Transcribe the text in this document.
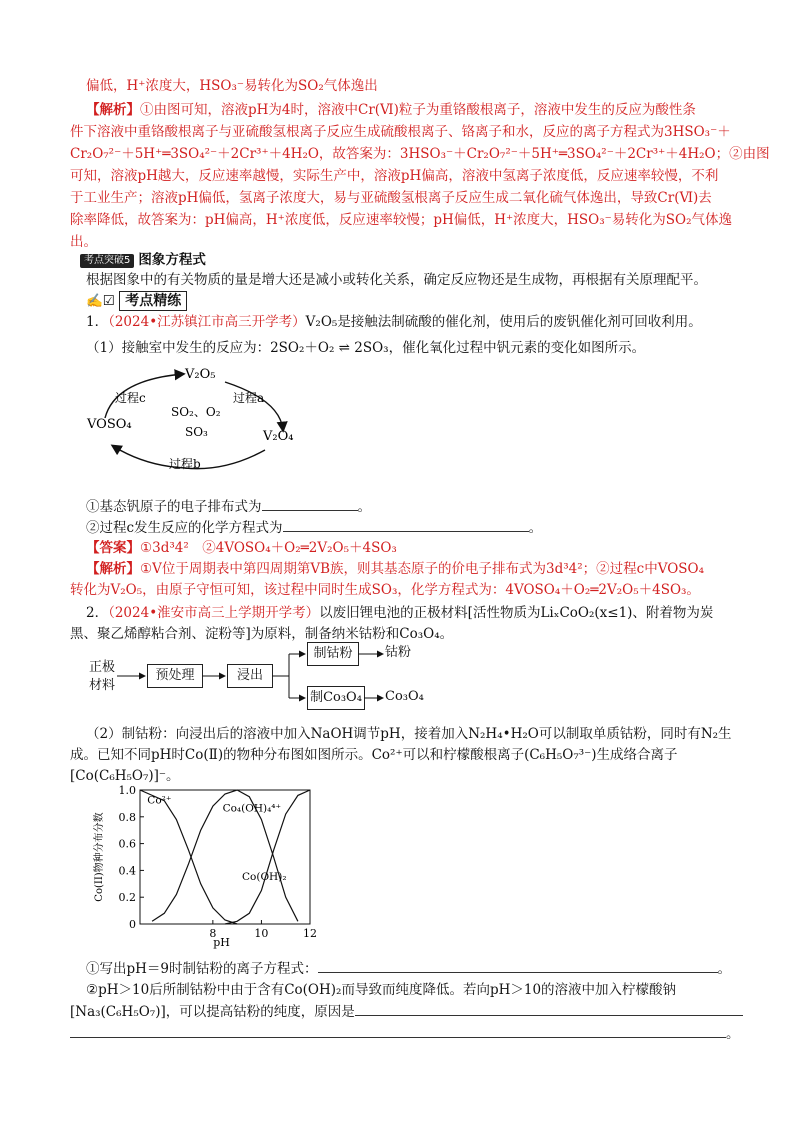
偏低，H⁺浓度大，HSO₃⁻易转化为SO₂气体逸出
【解析】①由图可知，溶液pH为4时，溶液中Cr(Ⅵ)粒子为重铬酸根离子，溶液中发生的反应为酸性条
件下溶液中重铬酸根离子与亚硫酸氢根离子反应生成硫酸根离子、铬离子和水，反应的离子方程式为3HSO₃⁻＋
Cr₂O₇²⁻＋5H⁺═3SO₄²⁻＋2Cr³⁺＋4H₂O，故答案为：3HSO₃⁻＋Cr₂O₇²⁻＋5H⁺═3SO₄²⁻＋2Cr³⁺＋4H₂O；②由图
可知，溶液pH越大，反应速率越慢，实际生产中，溶液pH偏高，溶液中氢离子浓度低，反应速率较慢，不利
于工业生产；溶液pH偏低，氢离子浓度大，易与亚硫酸氢根离子反应生成二氧化硫气体逸出，导致Cr(Ⅵ)去
除率降低，故答案为：pH偏高，H⁺浓度低，反应速率较慢；pH偏低，H⁺浓度大，HSO₃⁻易转化为SO₂气体逸
出。
考点突破5 图象方程式
根据图象中的有关物质的量是增大还是减小或转化关系，确定反应物还是生成物，再根据有关原理配平。
✍☑ 考点精练
1．（2024•江苏镇江市高三开学考）V₂O₅是接触法制硫酸的催化剂，使用后的废钒催化剂可回收利用。
（1）接触室中发生的反应为：2SO₂＋O₂ ⇌ 2SO₃，催化氧化过程中钒元素的变化如图所示。
V₂O₅
V₂O₄
VOSO₄
SO₂、O₂
SO₃
过程a
过程b
过程c
①基态钒原子的电子排布式为	。
②过程c发生反应的化学方程式为	。
【答案】①3d³4²　②4VOSO₄＋O₂═2V₂O₅＋4SO₃
【解析】①V位于周期表中第四周期第VB族，则其基态原子的价电子排布式为3d³4²；②过程c中VOSO₄
转化为V₂O₅，由原子守恒可知，该过程中同时生成SO₃，化学方程式为：4VOSO₄＋O₂═2V₂O₅＋4SO₃。
2．（2024•淮安市高三上学期开学考）以废旧锂电池的正极材料[活性物质为LiₓCoO₂(x≤1)、附着物为炭
黑、聚乙烯醇粘合剂、淀粉等]为原料，制备纳米钴粉和Co₃O₄。
正极
材料
预处理	浸出
制钴粉
制Co₃O₄
钴粉
Co₃O₄
（2）制钴粉：向浸出后的溶液中加入NaOH调节pH，接着加入N₂H₄•H₂O可以制取单质钴粉，同时有N₂生
成。已知不同pH时Co(Ⅱ)的物种分布图如图所示。Co²⁺可以和柠檬酸根离子(C₆H₅O₇³⁻)生成络合离子
[Co(C₆H₅O₇)]⁻。
0
0.2
0.4
0.6
0.8
1.0
8	10	12
pH
Co(II)物种分布分数
Co²⁺
Co₄(OH)₄⁴⁺
Co(OH)₂
①写出pH＝9时制钴粉的离子方程式：	。
②pH＞10后所制钴粉中由于含有Co(OH)₂而导致而纯度降低。若向pH＞10的溶液中加入柠檬酸钠
[Na₃(C₆H₅O₇)]，可以提高钴粉的纯度，原因是
。
